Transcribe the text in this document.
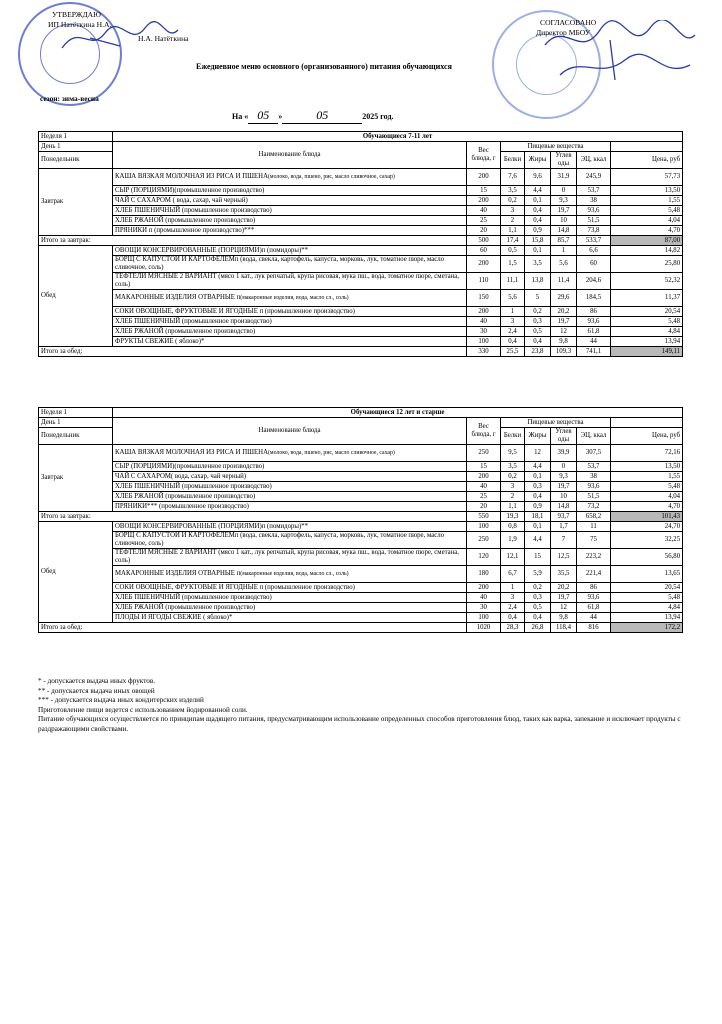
УТВЕРЖДАЮ
ИП Натёткина Н.А.
Н.А. Натёткина
СОГЛАСОВАНО
Директор МБОУ
Ежедневное меню основного (организованного) питания обучающихся
сезон: зима-весна
На « 05 »	05	2025 год.
Неделя 1	Обучающиеся 7-11 лет						
День 1	Наименование блюда	Вес блюда, г	Пищевые вещества				
Понедельник			Белки	Жиры	Углев оды	ЭЦ, ккал	Цена, руб

Завтрак	КАША ВЯЗКАЯ МОЛОЧНАЯ ИЗ РИСА И ПШЕНА(молоко, вода, пшено, рис, масло сливочное, сахар)	200	7,6	9,6	31,9	245,9	57,73
	СЫР (ПОРЦИЯМИ)(промышленное производство)	15	3,5	4,4	0	53,7	13,50
	ЧАЙ С САХАРОМ ( вода, сахар, чай черный)	200	0,2	0,1	9,3	38	1,55
	ХЛЕБ ПШЕНИЧНЫЙ (промышленное производство)	40	3	0,4	19,7	93,6	5,48
	ХЛЕБ РЖАНОЙ (промышленное производство)	25	2	0,4	10	51,5	4,04
	ПРЯНИКИ п (промышленное производство)***	20	1,1	0,9	14,8	73,8	4,70
Итого за завтрак:		500	17,4	15,8	85,7	533,7	87,00
Обед	ОВОЩИ КОНСЕРВИРОВАННЫЕ (ПОРЦИЯМИ)п (помидоры)**	60	0,5	0,1	1	6,6	14,82
	БОРЩ С КАПУСТОЙ И КАРТОФЕЛЕМп (вода, свекла, картофель, капуста, морковь, лук, томатное пюре, масло сливочное, соль)	200	1,5	3,5	5,6	60	25,80
	ТЕФТЕЛИ МЯСНЫЕ 2 ВАРИАНТ (мясо 1 кат., лук репчатый, крупа рисовая, мука пш., вода, томатное пюре, сметана, соль)	110	11,1	13,8	11,4	204,6	52,32
	МАКАРОННЫЕ ИЗДЕЛИЯ ОТВАРНЫЕ п(макаронные изделия, вода, масло сл., соль)	150	5,6	5	29,6	184,5	11,37
	СОКИ ОВОЩНЫЕ, ФРУКТОВЫЕ И ЯГОДНЫЕ п (промышленное производство)	200	1	0,2	20,2	86	20,54
	ХЛЕБ ПШЕНИЧНЫЙ (промышленное производство)	40	3	0,3	19,7	93,6	5,48
	ХЛЕБ РЖАНОЙ (промышленное производство)	30	2,4	0,5	12	61,8	4,84
	ФРУКТЫ СВЕЖИЕ ( яблоко)*	100	0,4	0,4	9,8	44	13,94
Итого за обед:		330	25,5	23,8	109,3	741,1	149,11
Неделя 1	Обучающиеся 12 лет и старше						
День 1	Наименование блюда	Вес блюда, г	Пищевые вещества				
Понедельник			Белки	Жиры	Углев оды	ЭЦ, ккал	Цена, руб

Завтрак	КАША ВЯЗКАЯ МОЛОЧНАЯ ИЗ РИСА И ПШЕНА(молоко, вода, пшено, рис, масло сливочное, сахар)	250	9,5	12	39,9	307,5	72,16
	СЫР (ПОРЦИЯМИ)(промышленное производство)	15	3,5	4,4	0	53,7	13,50
	ЧАЙ С САХАРОМ( вода, сахар, чай черный)	200	0,2	0,1	9,3	38	1,55
	ХЛЕБ ПШЕНИЧНЫЙ (промышленное производство)	40	3	0,3	19,7	93,6	5,48
	ХЛЕБ РЖАНОЙ (промышленное производство)	25	2	0,4	10	51,5	4,04
	ПРЯНИКИ*** (промышленное производство)	20	1,1	0,9	14,8	73,2	4,70
Итого за завтрак:		550	19,3	18,1	93,7	658,2	101,43
Обед	ОВОЩИ КОНСЕРВИРОВАННЫЕ (ПОРЦИЯМИ)п (помидоры)**	100	0,8	0,1	1,7	11	24,70
	БОРЩ С КАПУСТОЙ И КАРТОФЕЛЕМп (вода, свекла, картофель, капуста, морковь, лук, томатное пюре, масло сливочное, соль)	250	1,9	4,4	7	75	32,25
	ТЕФТЕЛИ МЯСНЫЕ 2 ВАРИАНТ (мясо 1 кат., лук репчатый, крупа рисовая, мука пш., вода, томатное пюре, сметана, соль)	120	12,1	15	12,5	223,2	56,80
	МАКАРОННЫЕ ИЗДЕЛИЯ ОТВАРНЫЕ п(макаронные изделия, вода, масло сл., соль)	180	6,7	5,9	35,5	221,4	13,65
	СОКИ ОВОЩНЫЕ, ФРУКТОВЫЕ И ЯГОДНЫЕ п (промышленное производство)	200	1	0,2	20,2	86	20,54
	ХЛЕБ ПШЕНИЧНЫЙ (промышленное производство)	40	3	0,3	19,7	93,6	5,48
	ХЛЕБ РЖАНОЙ (промышленное производство)	30	2,4	0,5	12	61,8	4,84
	ПЛОДЫ И ЯГОДЫ СВЕЖИЕ ( яблоко)*	100	0,4	0,4	9,8	44	13,94
Итого за обед:		1020	28,3	26,8	118,4	816	172,2
* - допускается выдача иных фруктов.
** - допускается выдача иных овощей
*** - допускается выдача иных кондитерских изделий
Приготовление пищи ведется с использованием йодированной соли.
Питание обучающихся осуществляется по принципам щадящего питания, предусматривающим использование определенных способов приготовления блюд, таких как варка, запекание и исключает продукты с раздражающими свойствами.
